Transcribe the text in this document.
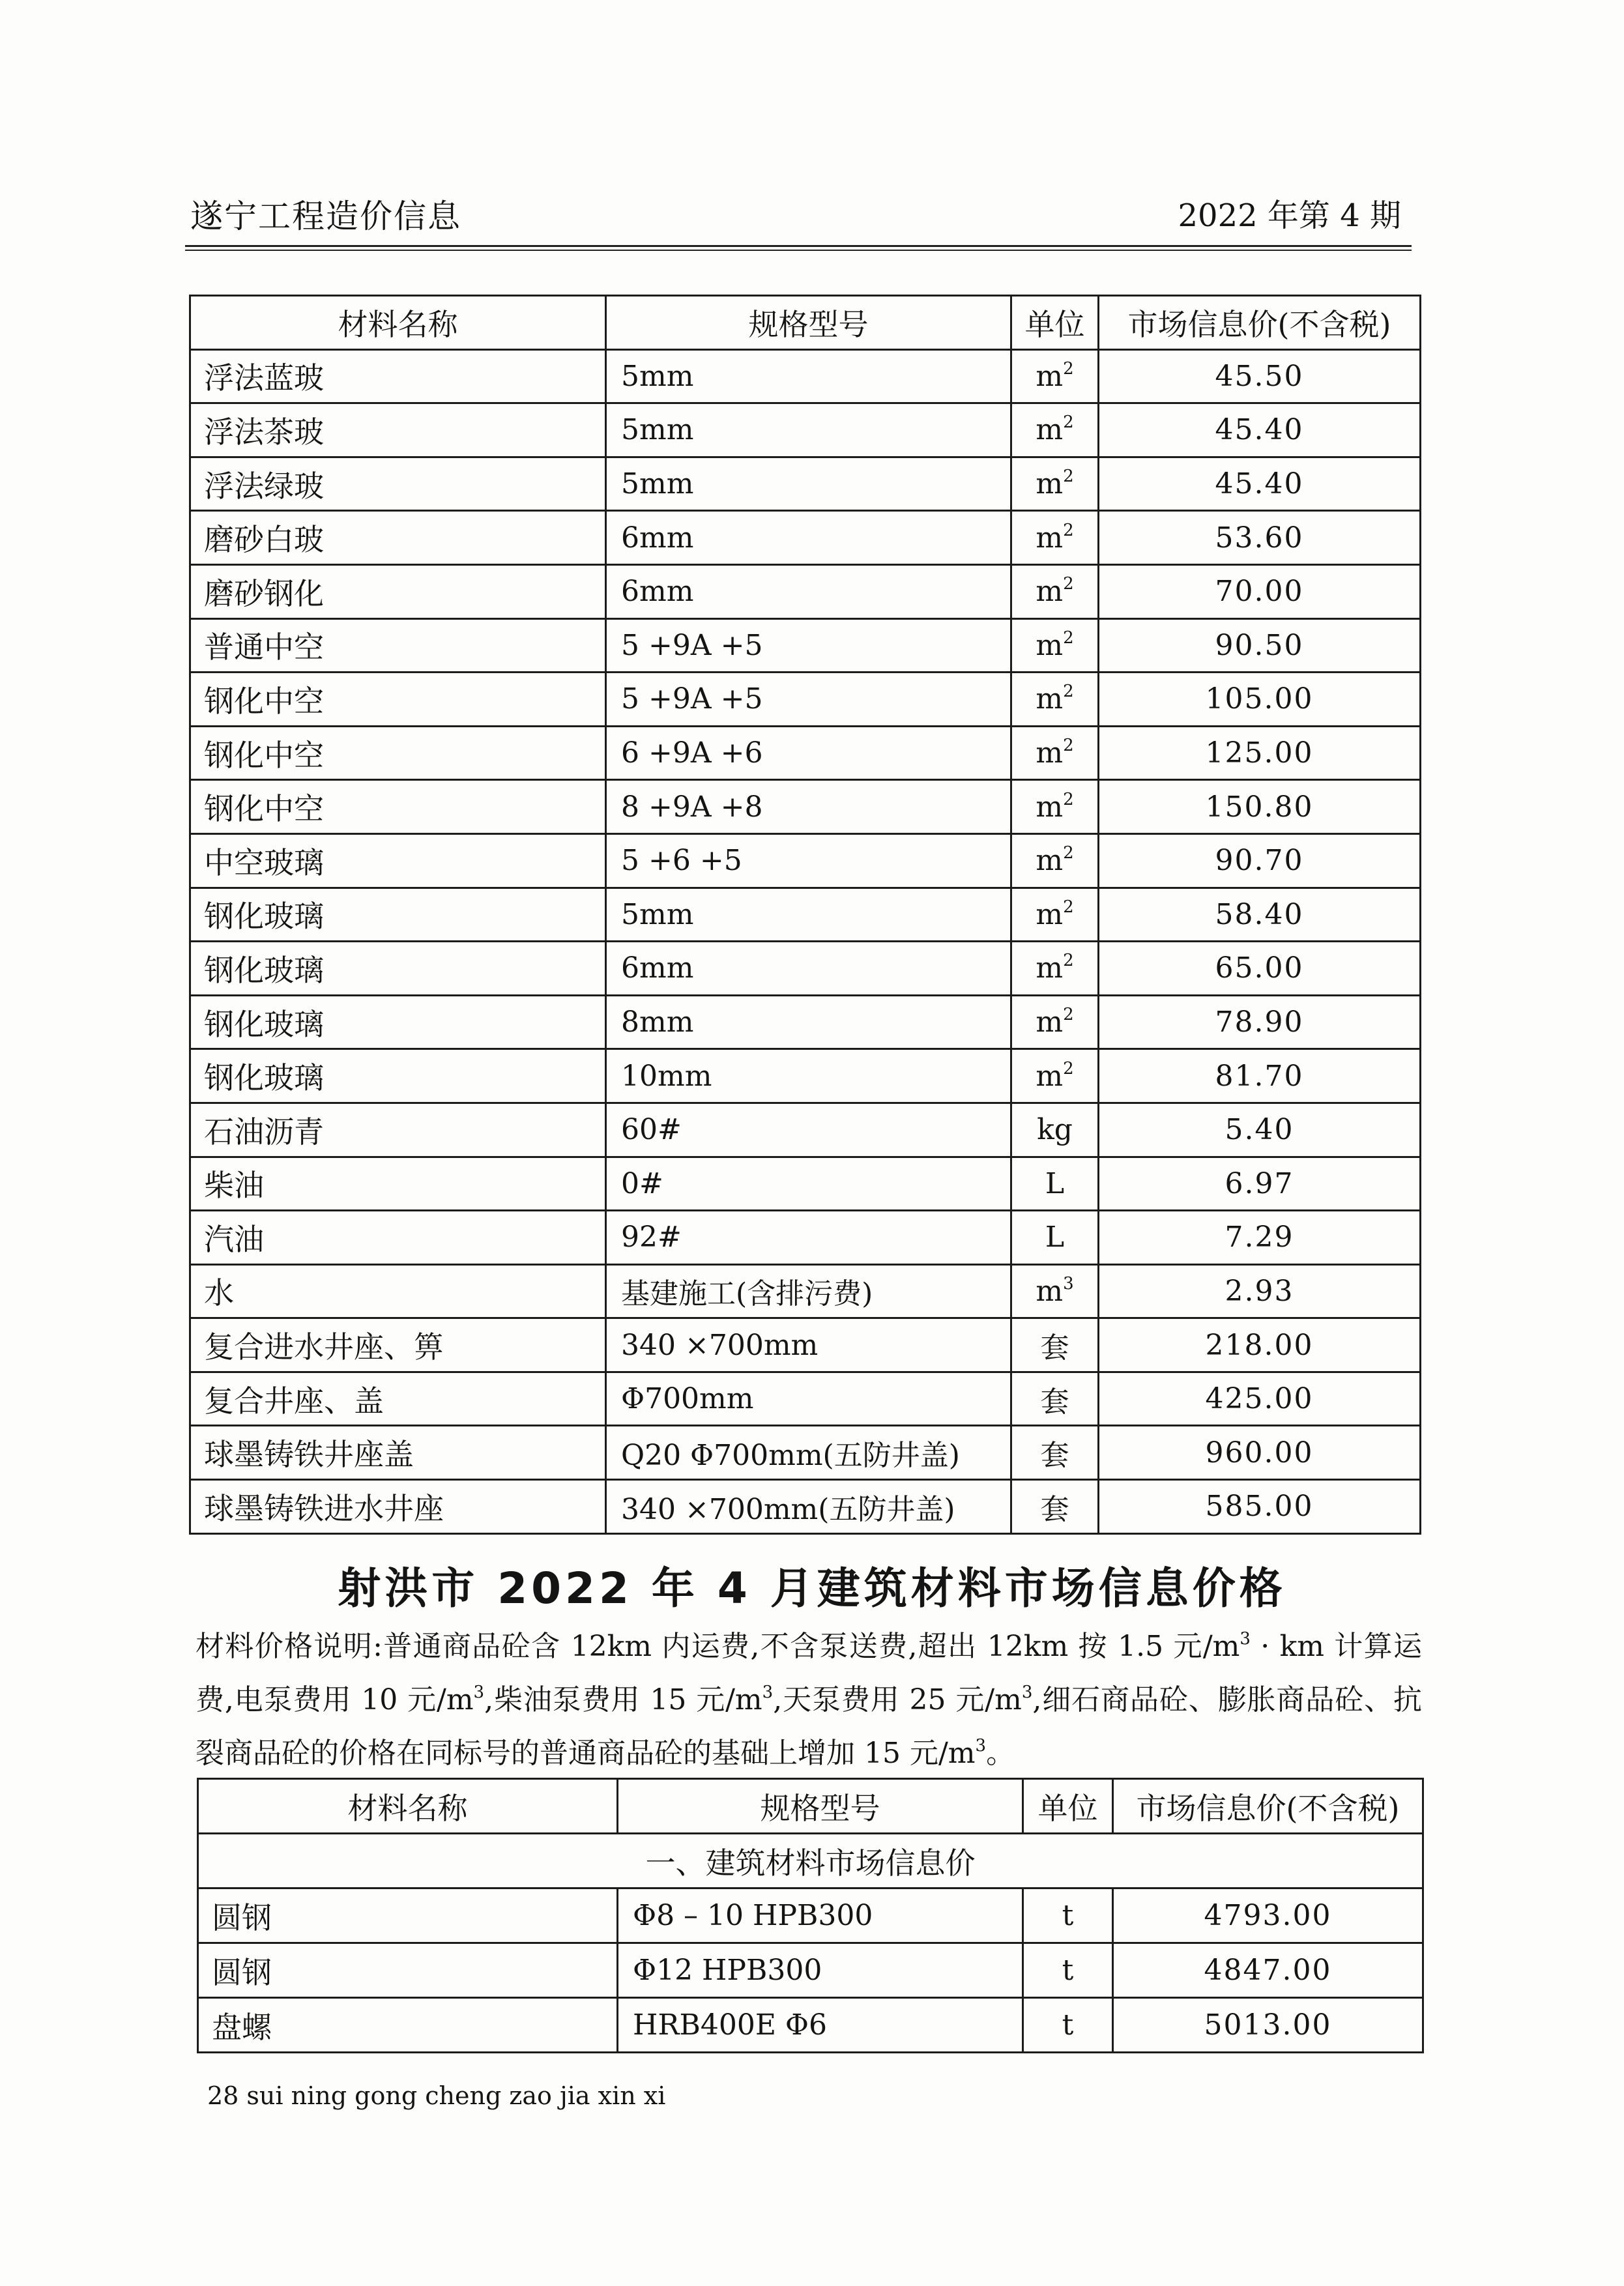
遂宁工程造价信息	2022 年第 4 期
材料名称	规格型号	单位	市场信息价(不含税)
浮法蓝玻	5mm	$m^2$	45.50
浮法茶玻	5mm	$m^2$	45.40
浮法绿玻	5mm	$m^2$	45.40
磨砂白玻	6mm	$m^2$	53.60
磨砂钢化	6mm	$m^2$	70.00
普通中空	5 +9A +5	$m^2$	90.50
钢化中空	5 +9A +5	$m^2$	105.00
钢化中空	6 +9A +6	$m^2$	125.00
钢化中空	8 +9A +8	$m^2$	150.80
中空玻璃	5 +6 +5	$m^2$	90.70
钢化玻璃	5mm	$m^2$	58.40
钢化玻璃	6mm	$m^2$	65.00
钢化玻璃	8mm	$m^2$	78.90
钢化玻璃	10mm	$m^2$	81.70
石油沥青	60#	kg	5.40
柴油	0#	L	6.97
汽油	92#	L	7.29
水	基建施工(含排污费)	$m^3$	2.93
复合进水井座、箅	340 ×700mm	套	218.00
复合井座、盖	Φ700mm	套	425.00
球墨铸铁井座盖	Q20 Φ700mm(五防井盖)	套	960.00
球墨铸铁进水井座	340 ×700mm(五防井盖)	套	585.00
射洪市 2022 年 4 月建筑材料市场信息价格
材料价格说明:普通商品砼含 12km 内运费,不含泵送费,超出 12km 按 1.5 元$/m^3$ · km 计算运费,电泵费用 10 元$/m^3$,柴油泵费用 15 元$/m^3$,天泵费用 25 元$/m^3$,细石商品砼、膨胀商品砼、抗裂商品砼的价格在同标号的普通商品砼的基础上增加 15 元$/m^3$。
材料名称	规格型号	单位	市场信息价(不含税)
一、建筑材料市场信息价			
圆钢	Φ8 – 10 HPB300	t	4793.00
圆钢	Φ12 HPB300	t	4847.00
盘螺	HRB400E Φ6	t	5013.00
28 sui ning gong cheng zao jia xin xi
